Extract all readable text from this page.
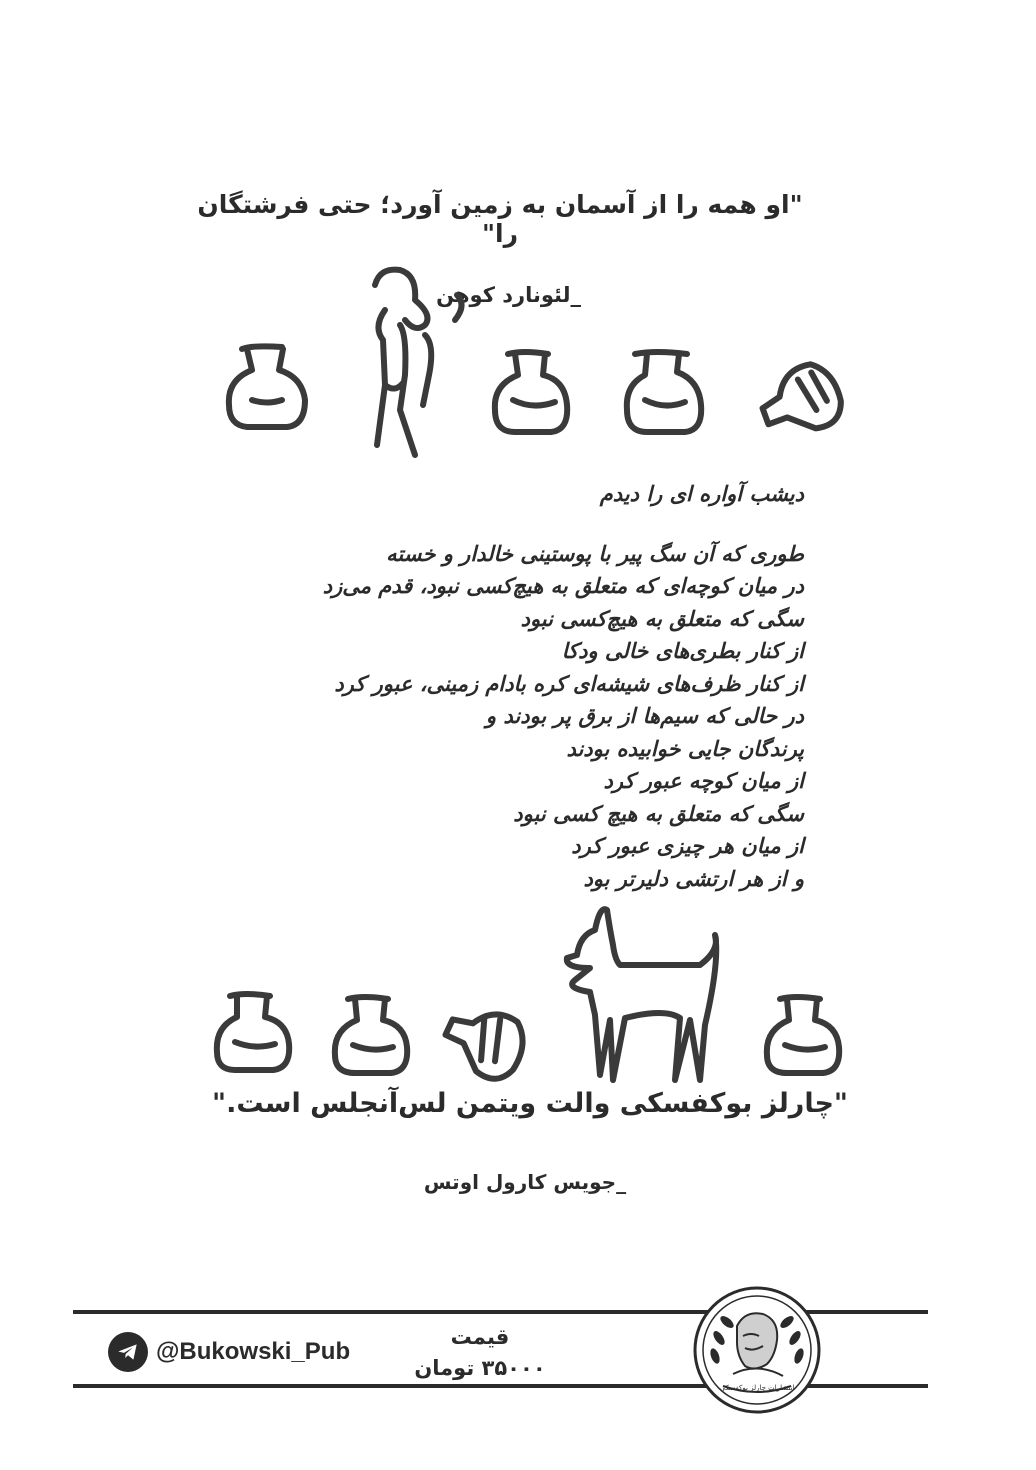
"او همه را از آسمان به زمین آورد؛ حتی فرشتگان را"
_لئونارد کوهن
دیشب آواره ای را دیدم
طوری که آن سگ پیر با پوستینی خالدار و خسته
در میان کوچه‌ای که متعلق به هیچ‌کسی نبود، قدم می‌زد
سگی که متعلق به هیچ‌کسی نبود
از کنار بطری‌های خالی ودکا
از کنار ظرف‌های شیشه‌ای کره بادام زمینی، عبور کرد
در حالی که سیم‌ها از برق پر بودند و
پرندگان جایی خوابیده بودند
از میان کوچه عبور کرد
سگی که متعلق به هیچ کسی نبود
از میان هر چیزی عبور کرد
و از هر ارتشی دلیرتر بود
"چارلز بوکفسکی والت ویتمن لس‌آنجلس است."
_جویس کارول اوتس
@Bukowski_Pub
قیمت
۳۵۰۰۰ تومان
انتشارات چارلز بوکفسکی
